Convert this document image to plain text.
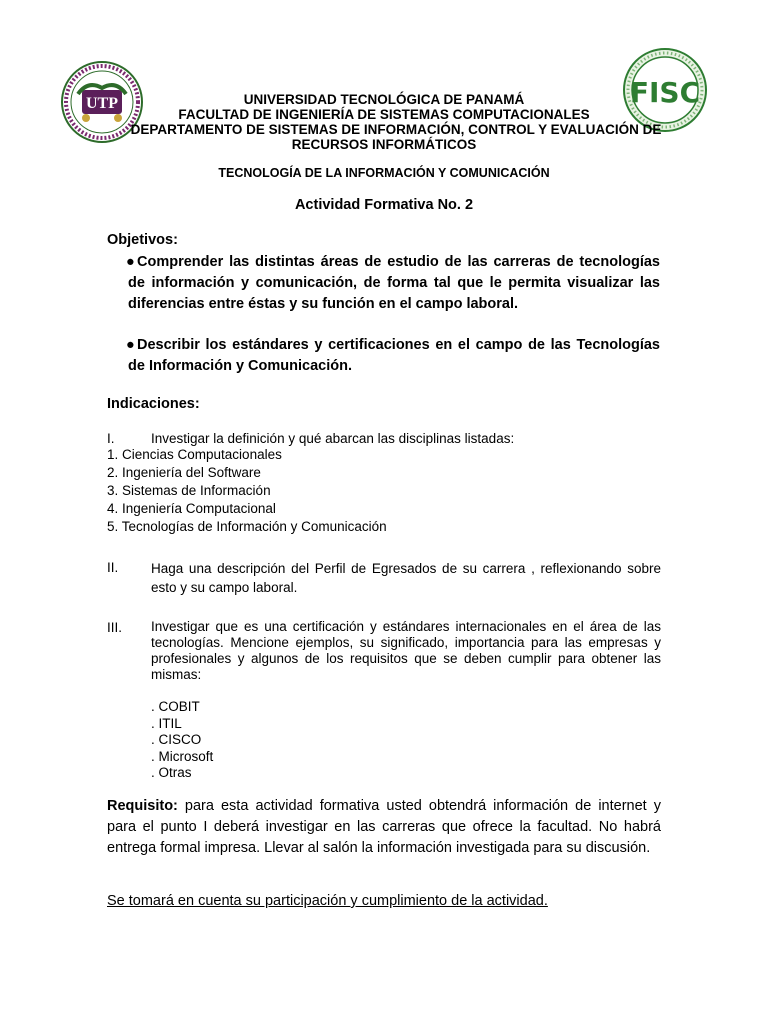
UTP	FISC
UNIVERSIDAD TECNOLÓGICA DE PANAMÁ
FACULTAD DE INGENIERÍA DE SISTEMAS COMPUTACIONALES
DEPARTAMENTO DE SISTEMAS DE INFORMACIÓN, CONTROL Y EVALUACIÓN DE
RECURSOS INFORMÁTICOS
TECNOLOGÍA DE LA INFORMACIÓN Y COMUNICACIÓN
Actividad Formativa No. 2
Objetivos:
● Comprender las distintas áreas de estudio de las carreras de tecnologías de información y comunicación, de forma tal que le permita visualizar las diferencias entre éstas y su función en el campo laboral.
● Describir los estándares y certificaciones en el campo de las Tecnologías de Información y Comunicación.
Indicaciones:
I.	Investigar la definición y qué abarcan las disciplinas listadas:
1. Ciencias Computacionales
2. Ingeniería del Software
3. Sistemas de Información
4. Ingeniería Computacional
5. Tecnologías de Información y Comunicación
II. Haga una descripción del Perfil de Egresados de su carrera , reflexionando sobre esto y su campo laboral.
III. Investigar que es una certificación y estándares internacionales en el área de las tecnologías. Mencione ejemplos, su significado, importancia para las empresas y profesionales y algunos de los requisitos que se deben cumplir para obtener las mismas:
. COBIT
. ITIL
. CISCO
. Microsoft
. Otras
Requisito: para esta actividad formativa usted obtendrá información de internet y para el punto I deberá investigar en las carreras que ofrece la facultad. No habrá entrega formal impresa. Llevar al salón la información investigada para su discusión.
Se tomará en cuenta su participación y cumplimiento de la actividad.
